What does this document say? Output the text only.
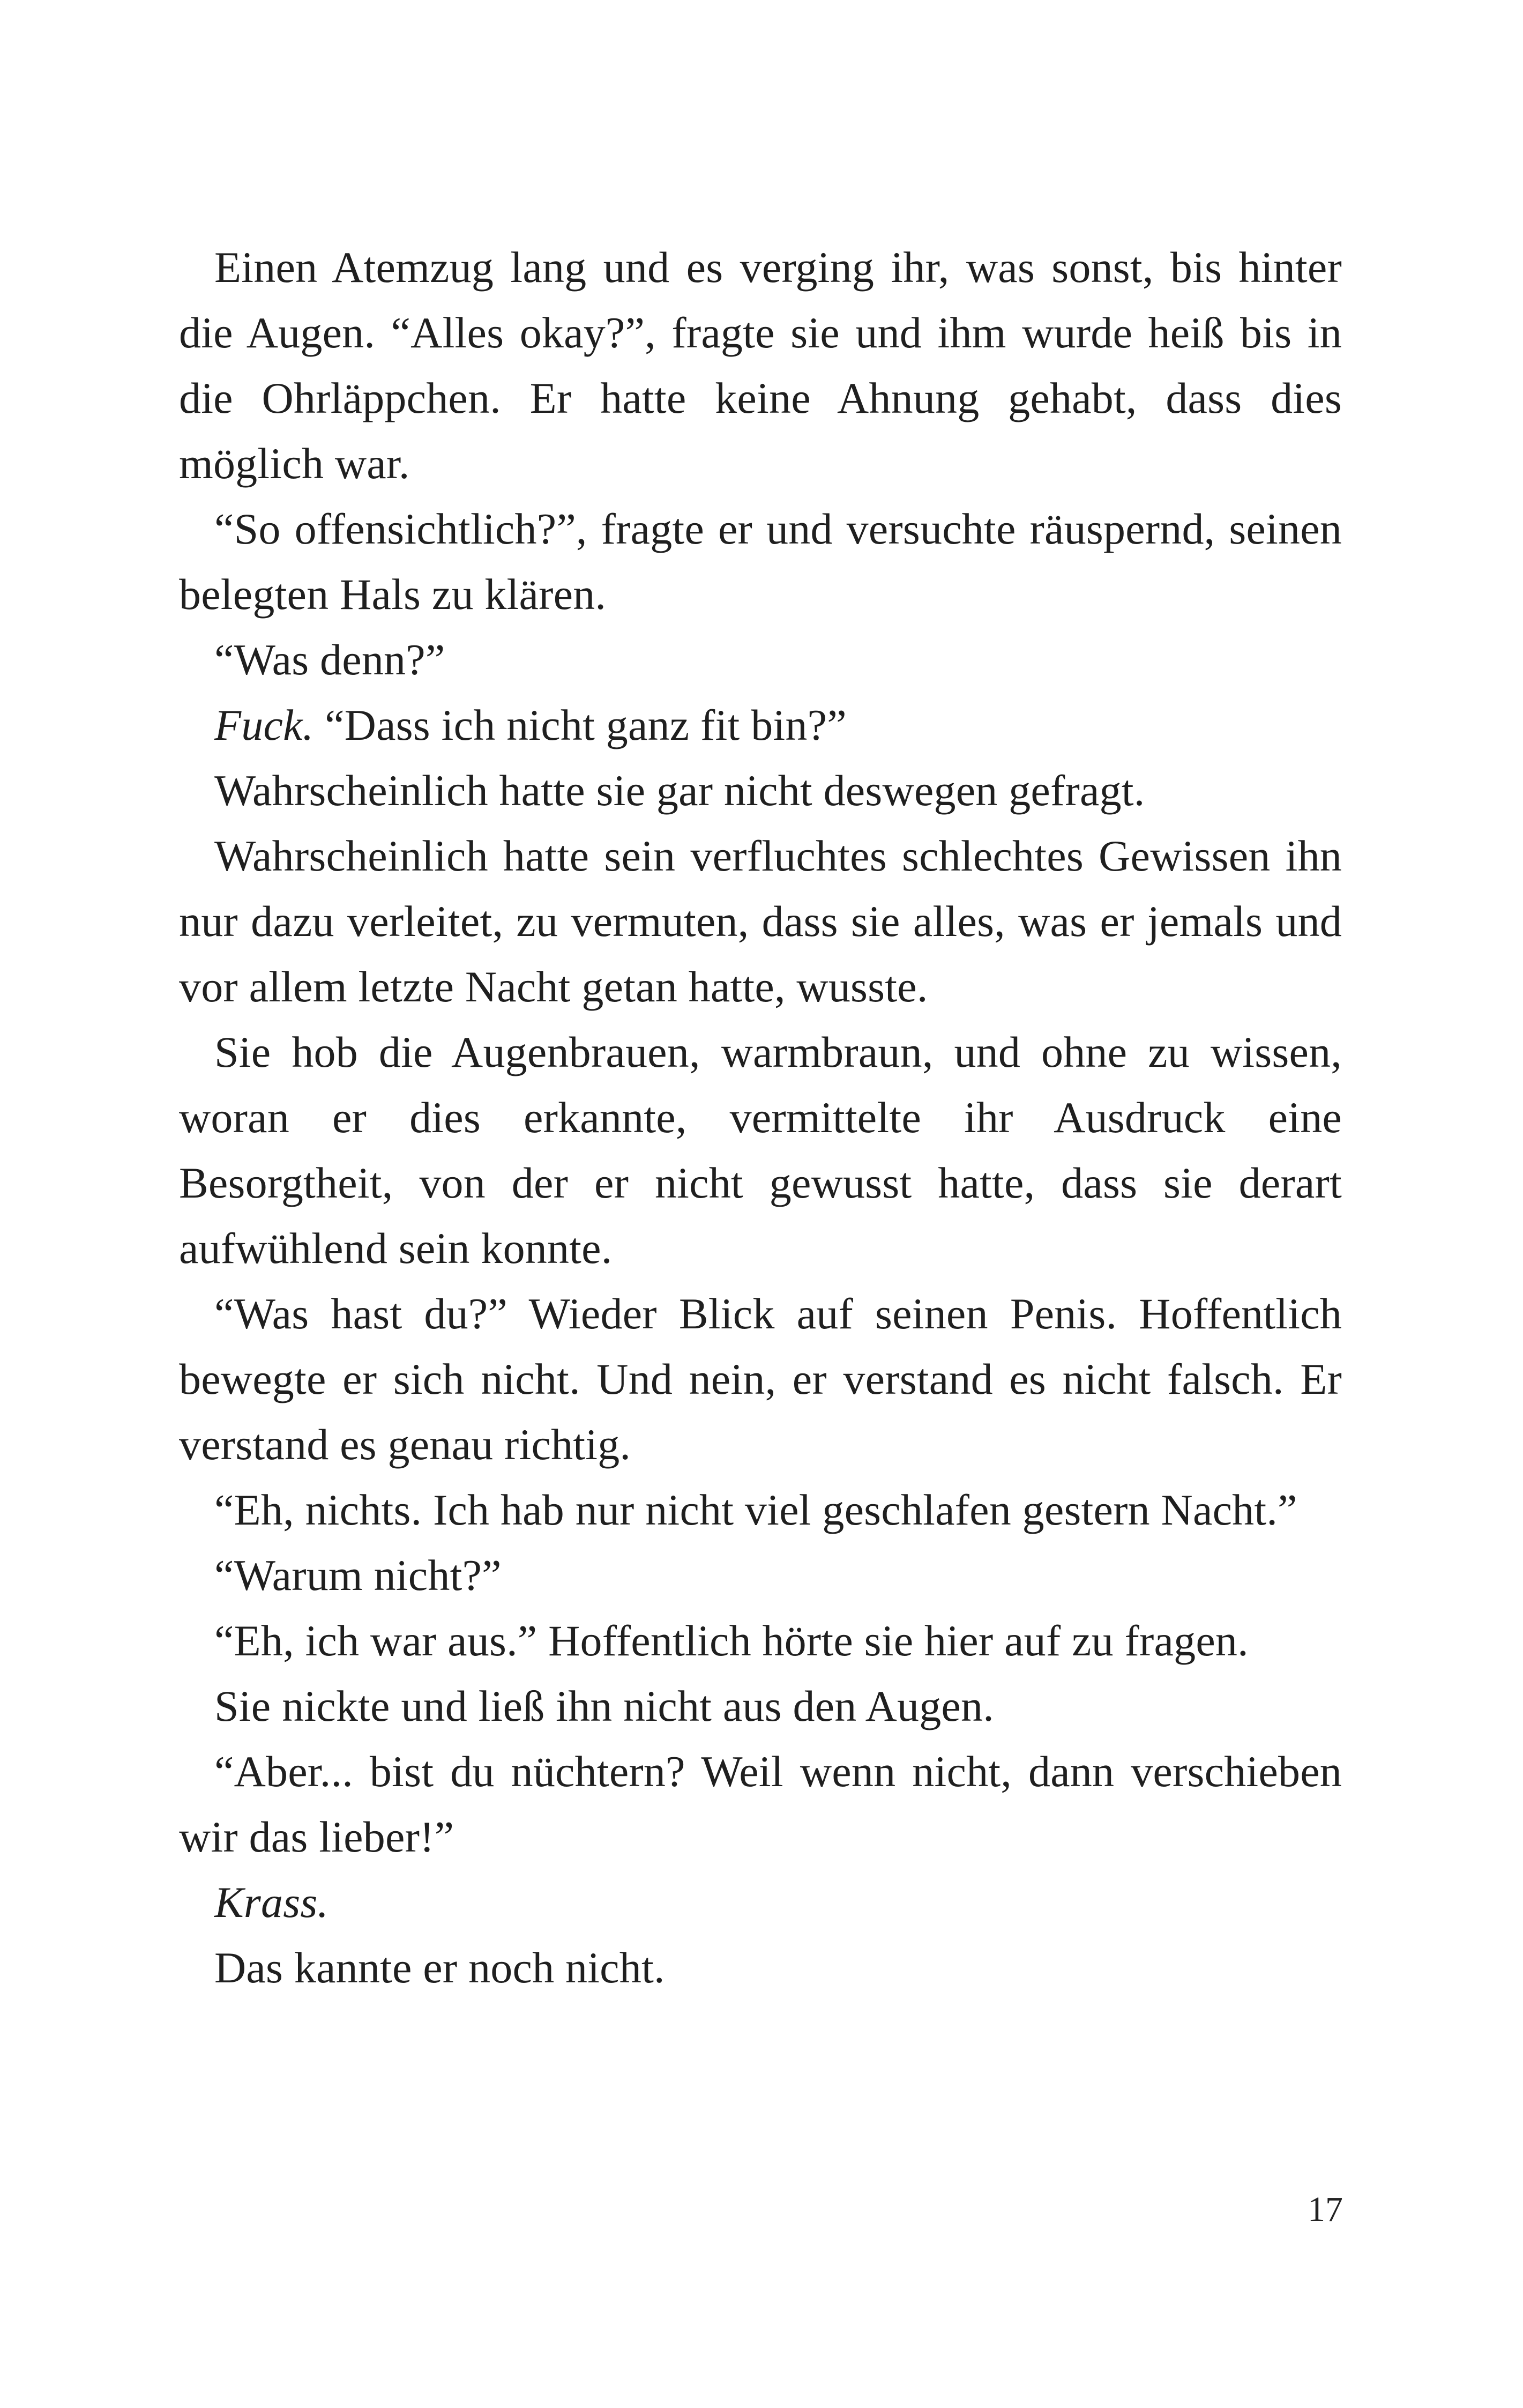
Einen Atemzug lang und es verging ihr, was sonst, bis hinter die Augen. “Alles okay?”, fragte sie und ihm wurde heiß bis in die Ohrläppchen. Er hatte keine Ahnung gehabt, dass dies möglich war.

“So offensichtlich?”, fragte er und versuchte räuspernd, seinen belegten Hals zu klären.

“Was denn?”

Fuck. “Dass ich nicht ganz fit bin?”

Wahrscheinlich hatte sie gar nicht deswegen gefragt.

Wahrscheinlich hatte sein verfluchtes schlechtes Gewissen ihn nur dazu verleitet, zu vermuten, dass sie alles, was er jemals und vor allem letzte Nacht getan hatte, wusste.

Sie hob die Augenbrauen, warmbraun, und ohne zu wissen, woran er dies erkannte, vermittelte ihr Ausdruck eine Besorgtheit, von der er nicht gewusst hatte, dass sie derart aufwühlend sein konnte.

“Was hast du?” Wieder Blick auf seinen Penis. Hoffentlich bewegte er sich nicht. Und nein, er verstand es nicht falsch. Er verstand es genau richtig.

“Eh, nichts. Ich hab nur nicht viel geschlafen gestern Nacht.”

“Warum nicht?”

“Eh, ich war aus.” Hoffentlich hörte sie hier auf zu fragen.

Sie nickte und ließ ihn nicht aus den Augen.

“Aber... bist du nüchtern? Weil wenn nicht, dann verschieben wir das lieber!”

Krass.

Das kannte er noch nicht.

17
